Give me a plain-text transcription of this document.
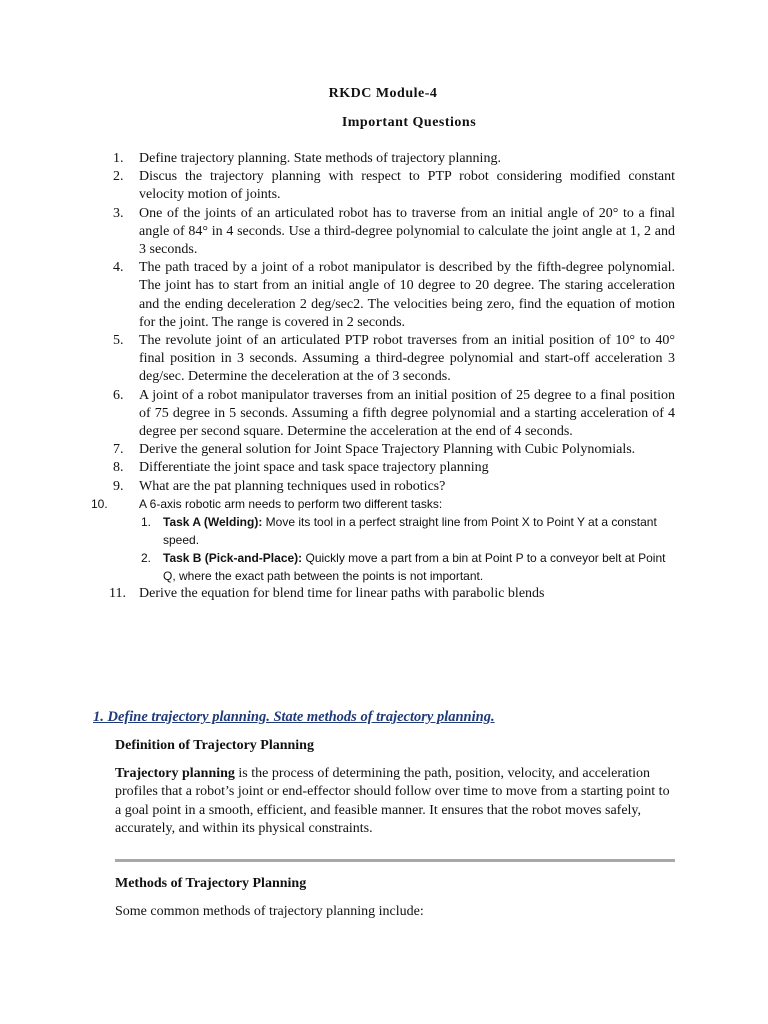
RKDC Module-4
Important Questions
1.	Define trajectory planning. State methods of trajectory planning.
2.	Discus the trajectory planning with respect to PTP robot considering modified constant velocity motion of joints.
3.	One of the joints of an articulated robot has to traverse from an initial angle of 20° to a final angle of 84° in 4 seconds. Use a third-degree polynomial to calculate the joint angle at 1, 2 and 3 seconds.
4.	The path traced by a joint of a robot manipulator is described by the fifth-degree polynomial. The joint has to start from an initial angle of 10 degree to 20 degree. The staring acceleration and the ending deceleration 2 deg/sec2. The velocities being zero, find the equation of motion for the joint. The range is covered in 2 seconds.
5.	The revolute joint of an articulated PTP robot traverses from an initial position of 10° to 40° final position in 3 seconds. Assuming a third-degree polynomial and start-off acceleration 3 deg/sec. Determine the deceleration at the of 3 seconds.
6.	A joint of a robot manipulator traverses from an initial position of 25 degree to a final position of 75 degree in 5 seconds. Assuming a fifth degree polynomial and a starting acceleration of 4 degree per second square. Determine the acceleration at the end of 4 seconds.
7.	Derive the general solution for Joint Space Trajectory Planning with Cubic Polynomials.
8.	Differentiate the joint space and task space trajectory planning
9.	What are the pat planning techniques used in robotics?
10.	A 6-axis robotic arm needs to perform two different tasks:
1. Task A (Welding): Move its tool in a perfect straight line from Point X to Point Y at a constant speed.
2. Task B (Pick-and-Place): Quickly move a part from a bin at Point P to a conveyor belt at Point Q, where the exact path between the points is not important.
11. Derive the equation for blend time for linear paths with parabolic blends
1. Define trajectory planning. State methods of trajectory planning.
Definition of Trajectory Planning

Trajectory planning is the process of determining the path, position, velocity, and acceleration profiles that a robot’s joint or end-effector should follow over time to move from a starting point to a goal point in a smooth, efficient, and feasible manner. It ensures that the robot moves safely, accurately, and within its physical constraints.

Methods of Trajectory Planning

Some common methods of trajectory planning include:
